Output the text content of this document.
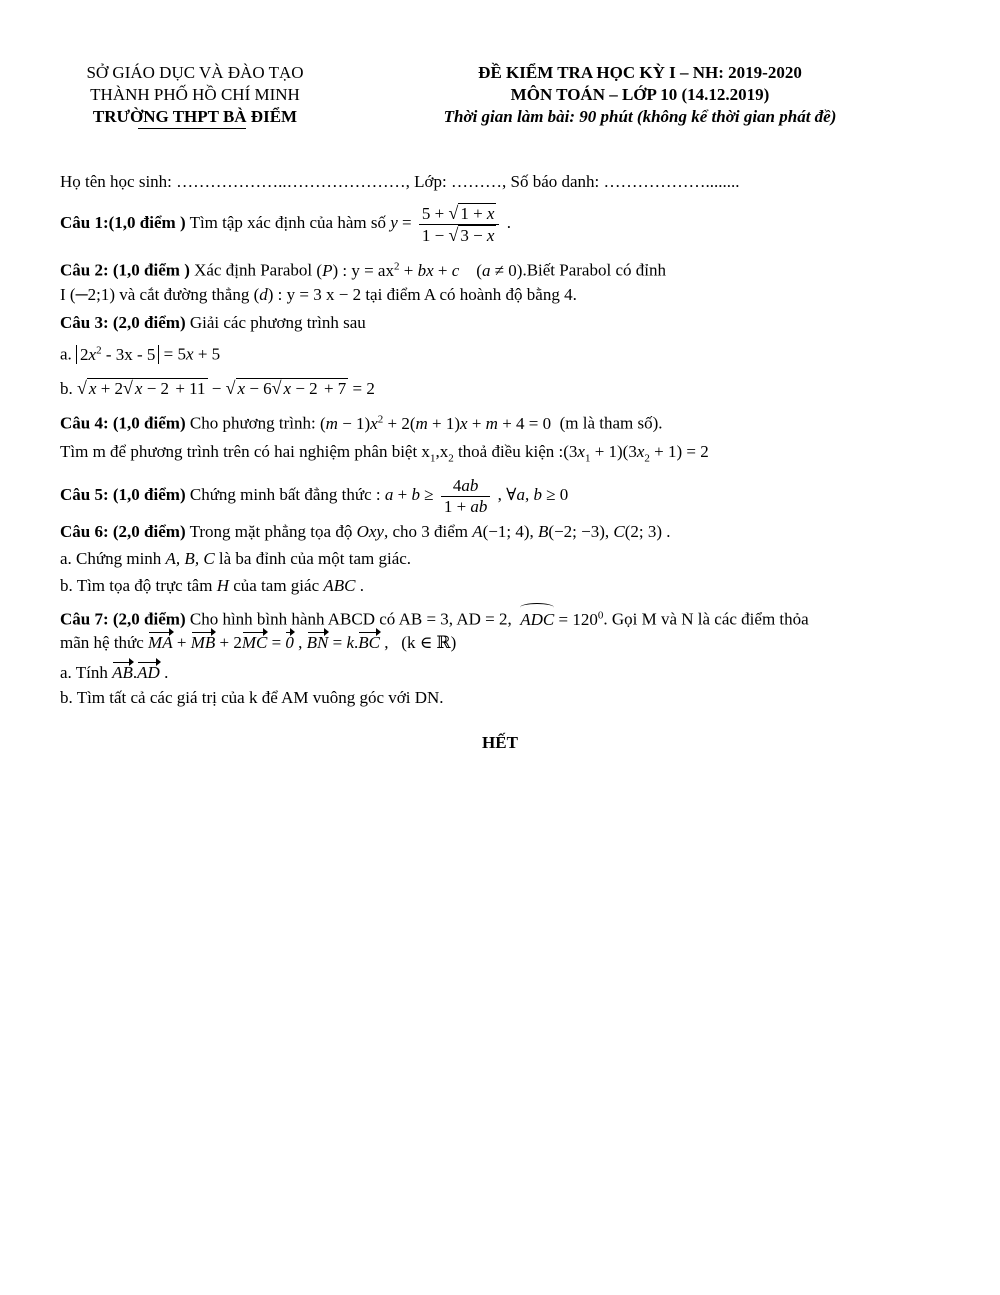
SỞ GIÁO DỤC VÀ ĐÀO TẠO
THÀNH PHỐ HỒ CHÍ MINH
TRƯỜNG THPT BÀ ĐIỂM
ĐỀ KIỂM TRA HỌC KỲ I – NH: 2019-2020
MÔN TOÁN – LỚP 10 (14.12.2019)
Thời gian làm bài: 90 phút (không kể thời gian phát đề)
Họ tên học sinh: ………………..…………………, Lớp: ………, Số báo danh: ………………........
Câu 1:(1,0 điểm ) Tìm tập xác định của hàm số $y = \frac{5 + √ 1 + x}{1 - √ 3 - x}$ .
Câu 2: (1,0 điểm ) Xác định Parabol (P) : $y = ax^2$ + bx + c    (a ≠ 0).Biết Parabol có đỉnh
I (─2;1) và cắt đường thẳng (d) : y = 3 x − 2 tại điểm A có hoành độ bằng 4.
Câu 3: (2,0 điểm) Giải các phương trình sau
a. $2x^2 - 3x - 5 = 5x + 5$
b. √ x + 2√ x − 2 + 11 − √ x − 6√ x − 2 + 7 = 2
Câu 4: (1,0 điểm) Cho phương trình: $(m - 1)x^2 + 2(m + 1)x + m + 4 = 0$ (m là tham số).
Tìm m để phương trình trên có hai nghiệm phân biệt $x_1,x_2$ thoả điều kiện $:(3x_1 + 1)(3x_2 + 1) = 2$
Câu 5: (1,0 điểm) Chứng minh bất đẳng thức : $a + b \ge \frac{4ab}{1 + ab}$ , ∀a, b ≥ 0
Câu 6: (2,0 điểm) Trong mặt phẳng tọa độ Oxy, cho 3 điểm A(−1; 4), B(−2; −3), C(2; 3) .
a. Chứng minh A, B, C là ba đỉnh của một tam giác.
b. Tìm tọa độ trực tâm H của tam giác ABC .
Câu 7: (2,0 điểm) Cho hình bình hành ABCD có AB = 3, AD = 2, ADC = $120^0$. Gọi M và N là các điểm thỏa
mãn hệ thức MA + MB + 2MC = 0 , BN = k.BC ,   (k ∈ ℝ)
a. Tính AB.AD .
b. Tìm tất cả các giá trị của k để AM vuông góc với DN.
HẾT
